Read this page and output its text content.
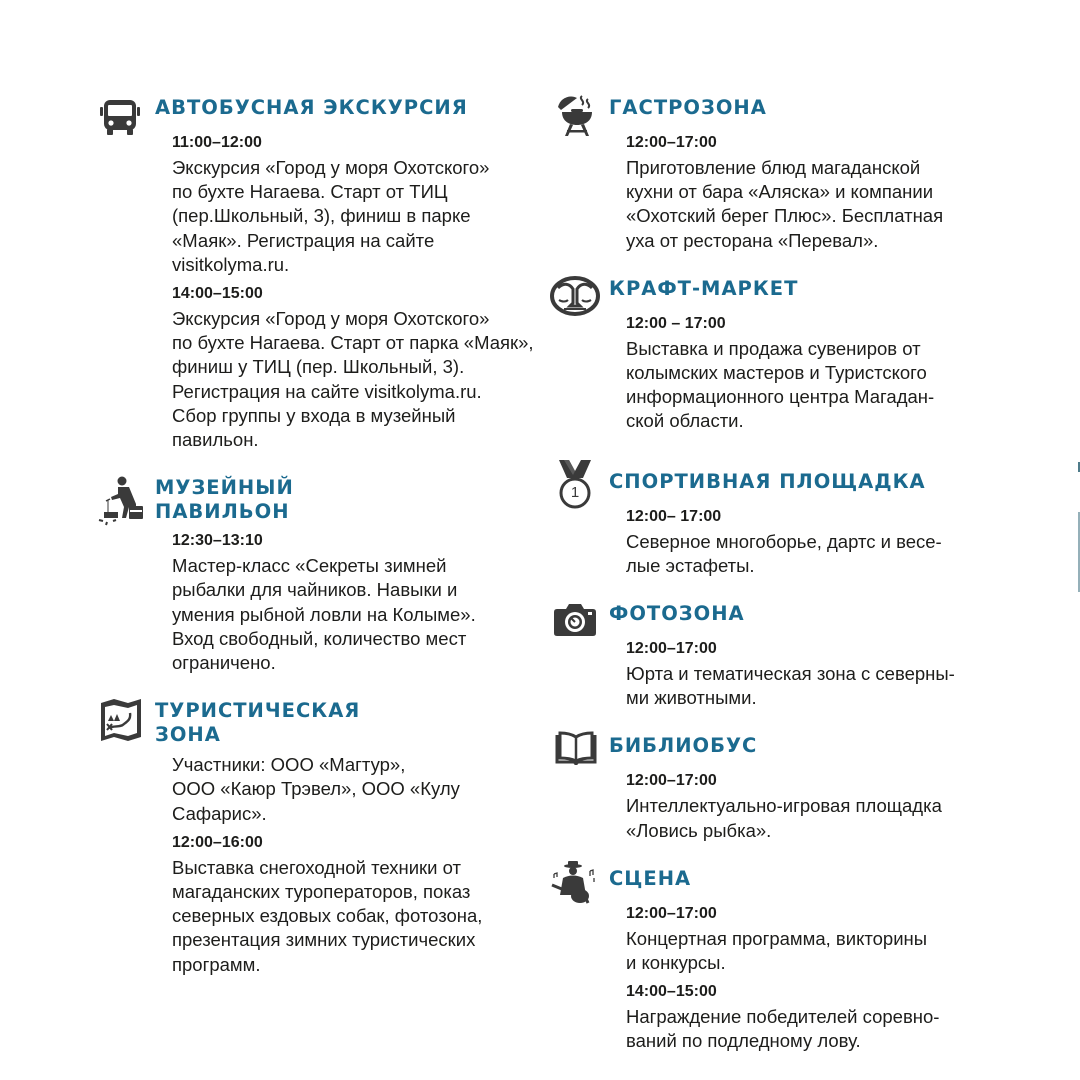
АВТОБУСНАЯ ЭКСКУРСИЯ

11:00–12:00

Экскурсия «Город у моря Охотского»
по бухте Нагаева. Старт от ТИЦ
(пер.Школьный, 3), финиш в парке
«Маяк». Регистрация на сайте
visitkolyma.ru.

14:00–15:00

Экскурсия «Город у моря Охотского»
по бухте Нагаева. Старт от парка «Маяк»,
финиш у ТИЦ (пер. Школьный, 3).
Регистрация на сайте visitkolyma.ru.
Сбор группы у входа в музейный
павильон.

МУЗЕЙНЫЙ
ПАВИЛЬОН

12:30–13:10

Мастер-класс «Секреты зимней
рыбалки для чайников. Навыки и
умения рыбной ловли на Колыме».
Вход свободный, количество мест
ограничено.

ТУРИСТИЧЕСКАЯ
ЗОНА

Участники: ООО «Магтур»,
ООО «Каюр Трэвел», ООО «Кулу
Сафарис».

12:00–16:00

Выставка снегоходной техники от
магаданских туроператоров, показ
северных ездовых собак, фотозона,
презентация зимних туристических
программ.

ГАСТРОЗОНА

12:00–17:00

Приготовление блюд магаданской
кухни от бара «Аляска» и компании
«Охотский берег Плюс». Бесплатная
уха от ресторана «Перевал».

КРАФТ-МАРКЕТ

12:00 – 17:00

Выставка и продажа сувениров от
колымских мастеров и Туристского
информационного центра Магадан-
ской области.

1	СПОРТИВНАЯ ПЛОЩАДКА

12:00– 17:00

Северное многоборье, дартс и весе-
лые эстафеты.

ФОТОЗОНА

12:00–17:00

Юрта и тематическая зона с северны-
ми животными.

БИБЛИОБУС

12:00–17:00

Интеллектуально-игровая площадка
«Ловись рыбка».

СЦЕНА

12:00–17:00

Концертная программа, викторины
и конкурсы.

14:00–15:00

Награждение победителей соревно-
ваний по подледному лову.
